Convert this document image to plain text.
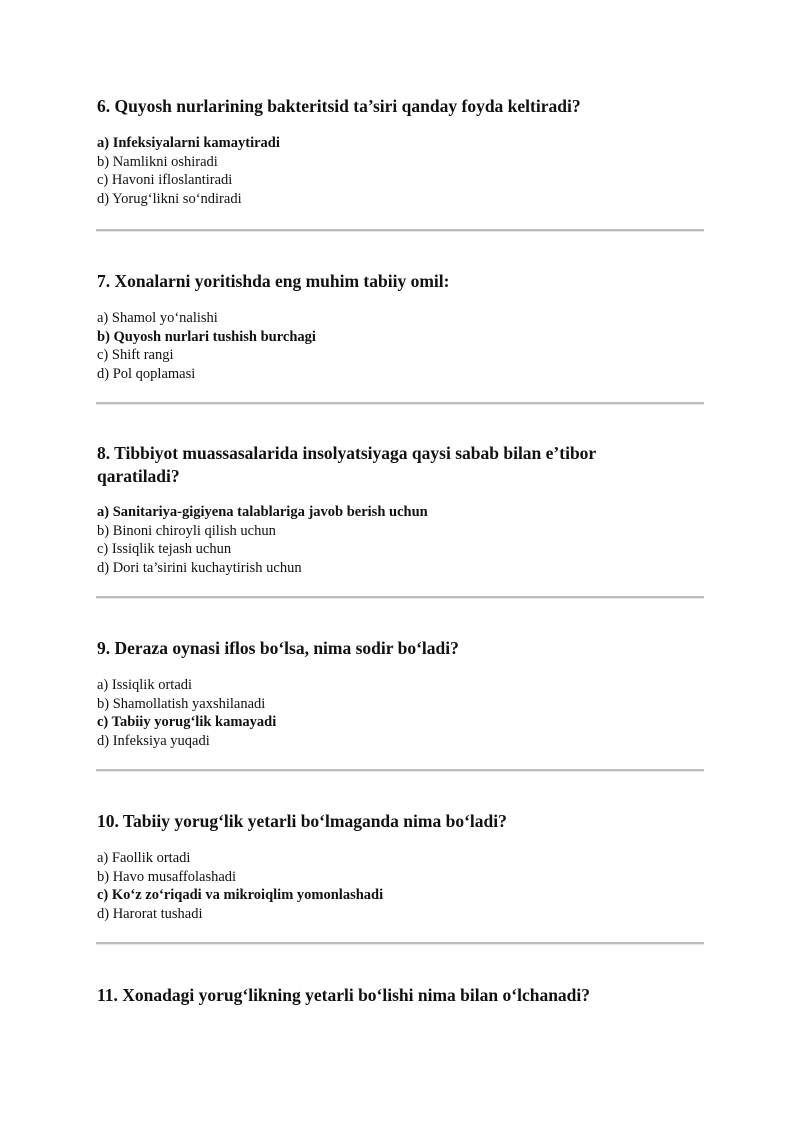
6. Quyosh nurlarining bakteritsid ta’siri qanday foyda keltiradi?
a) Infeksiyalarni kamaytiradi
b) Namlikni oshiradi
c) Havoni ifloslantiradi
d) Yorug‘likni so‘ndiradi
7. Xonalarni yoritishda eng muhim tabiiy omil:
a) Shamol yo‘nalishi
b) Quyosh nurlari tushish burchagi
c) Shift rangi
d) Pol qoplamasi
8. Tibbiyot muassasalarida insolyatsiyaga qaysi sabab bilan e’tibor qaratiladi?
a) Sanitariya-gigiyena talablariga javob berish uchun
b) Binoni chiroyli qilish uchun
c) Issiqlik tejash uchun
d) Dori ta’sirini kuchaytirish uchun
9. Deraza oynasi iflos bo‘lsa, nima sodir bo‘ladi?
a) Issiqlik ortadi
b) Shamollatish yaxshilanadi
c) Tabiiy yorug‘lik kamayadi
d) Infeksiya yuqadi
10. Tabiiy yorug‘lik yetarli bo‘lmaganda nima bo‘ladi?
a) Faollik ortadi
b) Havo musaffolashadi
c) Ko‘z zo‘riqadi va mikroiqlim yomonlashadi
d) Harorat tushadi
11. Xonadagi yorug‘likning yetarli bo‘lishi nima bilan o‘lchanadi?
